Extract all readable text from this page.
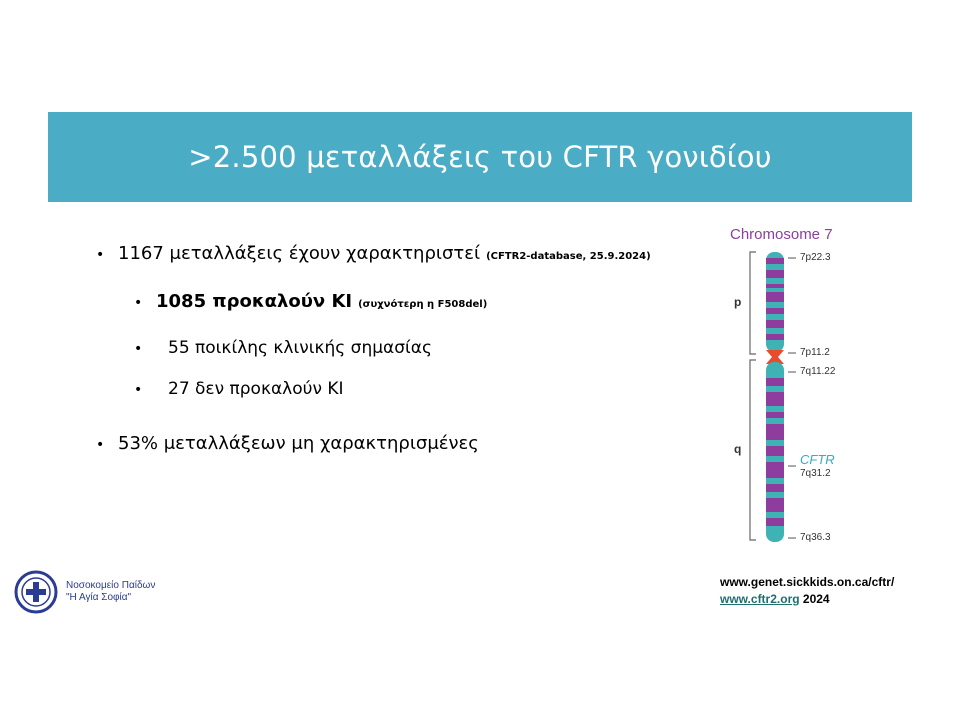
>2.500 μεταλλάξεις του CFTR γονιδίου
• 1167 μεταλλάξεις έχουν χαρακτηριστεί (CFTR2-database, 25.9.2024)
• 1085 προκαλούν ΚΙ (συχνότερη η F508del)
•	55 ποικίλης κλινικής σημασίας
•	27 δεν προκαλούν ΚΙ
• 53% μεταλλάξεων μη χαρακτηρισμένες
Chromosome 7
7p22.3
7p11.2
7q11.22
CFTR
7q31.2
7q36.3
p
q
www.genet.sickkids.on.ca/cftr/
www.cftr2.org 2024
Νοσοκομείο Παίδων
"Η Αγία Σοφία"
